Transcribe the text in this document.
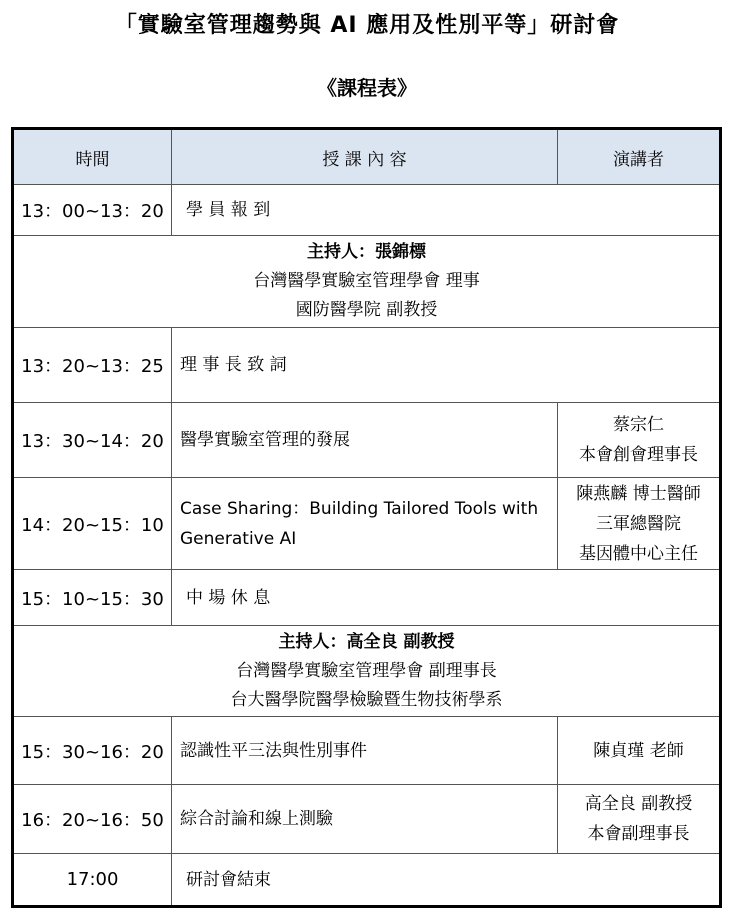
「實驗室管理趨勢與 AI 應用及性別平等」研討會
《課程表》
時間	授 課 內 容	演講者
13：00~13：20	學 員 報 到	

主持人：張錦標
台灣醫學實驗室管理學會 理事
國防醫學院 副教授		

13：20~13：25	理 事 長 致 詞	
13：30~14：20	醫學實驗室管理的發展	蔡宗仁
本會創會理事長

14：20~15：10	Case Sharing：Building Tailored Tools with Generative AI	陳燕麟 博士醫師
三軍總醫院
基因體中心主任

15：10~15：30	中 場 休 息	

主持人：高全良 副教授
台灣醫學實驗室管理學會 副理事長
台大醫學院醫學檢驗暨生物技術學系		

15：30~16：20	認識性平三法與性別事件	陳貞瑾 老師

16：20~16：50	綜合討論和線上測驗	高全良 副教授
本會副理事長

17:00	研討會結束	
